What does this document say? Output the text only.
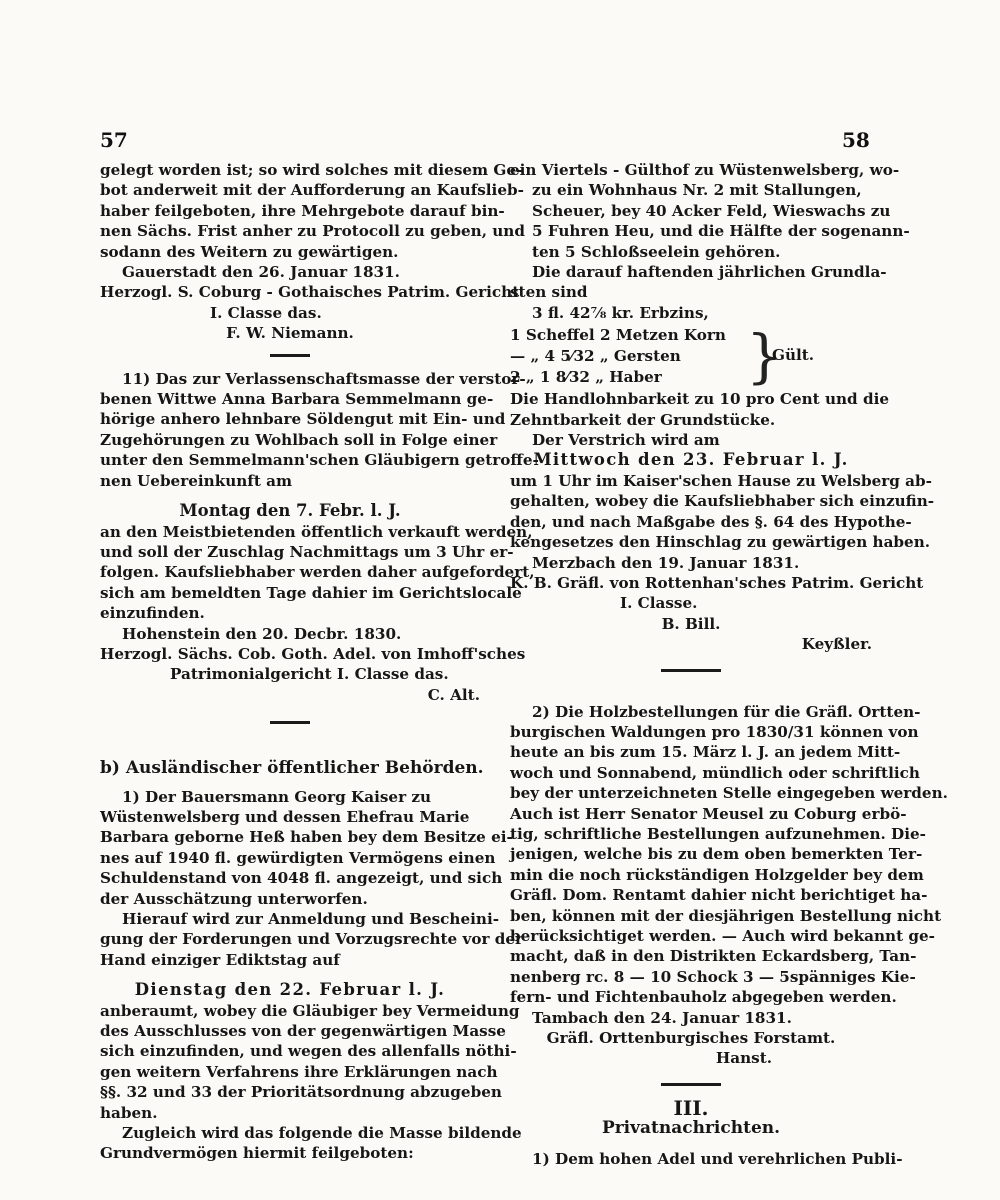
57	58
gelegt worden ist; so wird solches mit diesem Ge-
bot anderweit mit der Aufforderung an Kaufslieb-
haber feilgeboten, ihre Mehrgebote darauf bin-
nen Sächs. Frist anher zu Protocoll zu geben, und
sodann des Weitern zu gewärtigen.
Gauerstadt den 26. Januar 1831.
Herzogl. S. Coburg - Gothaisches Patrim. Gericht
I. Classe das.
F. W. Niemann.
11) Das zur Verlassenschaftsmasse der verstor-
benen Wittwe Anna Barbara Semmelmann ge-
hörige anhero lehnbare Söldengut mit Ein- und
Zugehörungen zu Wohlbach soll in Folge einer
unter den Semmelmann'schen Gläubigern getroffe-
nen Uebereinkunft am
Montag den 7. Febr. l. J.
an den Meistbietenden öffentlich verkauft werden,
und soll der Zuschlag Nachmittags um 3 Uhr er-
folgen. Kaufsliebhaber werden daher aufgefordert,
sich am bemeldten Tage dahier im Gerichtslocale
einzufinden.
Hohenstein den 20. Decbr. 1830.
Herzogl. Sächs. Cob. Goth. Adel. von Imhoff'sches
Patrimonialgericht I. Classe das.
C. Alt.
b) Ausländischer öffentlicher Behörden.
1) Der Bauersmann Georg Kaiser zu
Wüstenwelsberg und dessen Ehefrau Marie
Barbara geborne Heß haben bey dem Besitze ei-
nes auf 1940 fl. gewürdigten Vermögens einen
Schuldenstand von 4048 fl. angezeigt, und sich
der Ausschätzung unterworfen.
Hierauf wird zur Anmeldung und Bescheini-
gung der Forderungen und Vorzugsrechte vor der
Hand einziger Ediktstag auf
Dienstag den 22. Februar l. J.
anberaumt, wobey die Gläubiger bey Vermeidung
des Ausschlusses von der gegenwärtigen Masse
sich einzufinden, und wegen des allenfalls nöthi-
gen weitern Verfahrens ihre Erklärungen nach
§§. 32 und 33 der Prioritätsordnung abzugeben
haben.
Zugleich wird das folgende die Masse bildende
Grundvermögen hiermit feilgeboten:
ein Viertels - Gülthof zu Wüstenwelsberg, wo-
zu ein Wohnhaus Nr. 2 mit Stallungen,
Scheuer, bey 40 Acker Feld, Wieswachs zu
5 Fuhren Heu, und die Hälfte der sogenann-
ten 5 Schloßseelein gehören.
Die darauf haftenden jährlichen Grundla-
sten sind
3 fl. 42⅞ kr. Erbzins,
1 Scheffel 2 Metzen Korn
— „ 4 5⁄32 „ Gersten
2 „ 1 8⁄32 „ Haber }
Gült.
Die Handlohnbarkeit zu 10 pro Cent und die
Zehntbarkeit der Grundstücke.
Der Verstrich wird am
Mittwoch den 23. Februar l. J.
um 1 Uhr im Kaiser'schen Hause zu Welsberg ab-
gehalten, wobey die Kaufsliebhaber sich einzufin-
den, und nach Maßgabe des §. 64 des Hypothe-
kengesetzes den Hinschlag zu gewärtigen haben.
Merzbach den 19. Januar 1831.
K. B. Gräfl. von Rottenhan'sches Patrim. Gericht
I. Classe.
B. Bill.
Keyßler.
2) Die Holzbestellungen für die Gräfl. Ortten-
burgischen Waldungen pro 1830/31 können von
heute an bis zum 15. März l. J. an jedem Mitt-
woch und Sonnabend, mündlich oder schriftlich
bey der unterzeichneten Stelle eingegeben werden.
Auch ist Herr Senator Meusel zu Coburg erbö-
tig, schriftliche Bestellungen aufzunehmen. Die-
jenigen, welche bis zu dem oben bemerkten Ter-
min die noch rückständigen Holzgelder bey dem
Gräfl. Dom. Rentamt dahier nicht berichtiget ha-
ben, können mit der diesjährigen Bestellung nicht
berücksichtiget werden. — Auch wird bekannt ge-
macht, daß in den Distrikten Eckardsberg, Tan-
nenberg rc. 8 — 10 Schock 3 — 5spänniges Kie-
fern- und Fichtenbauholz abgegeben werden.
Tambach den 24. Januar 1831.
Gräfl. Orttenburgisches Forstamt.
Hanst.
III.
Privatnachrichten.
1) Dem hohen Adel und verehrlichen Publi-
